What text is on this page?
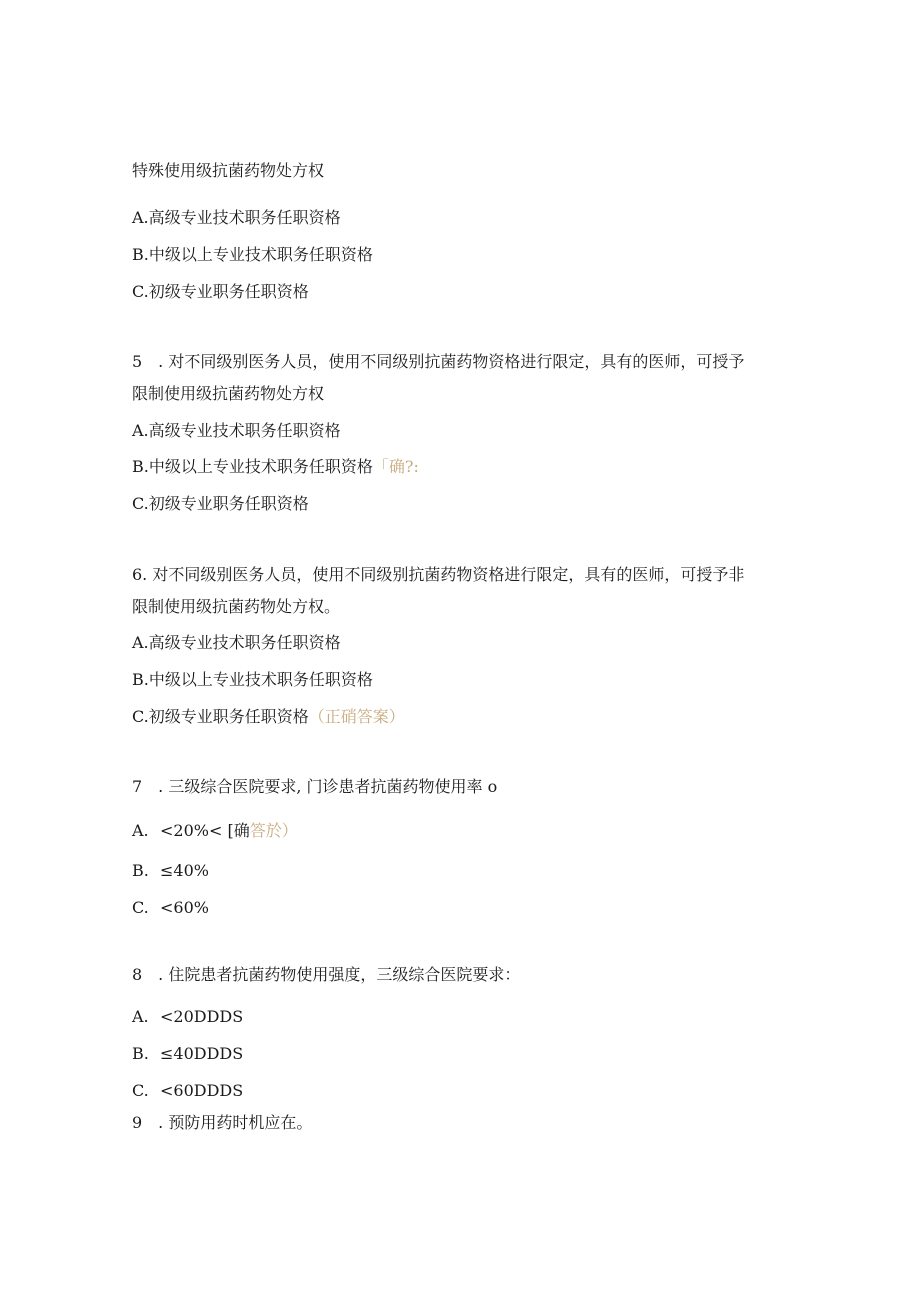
特殊使用级抗菌药物处方权
A.高级专业技术职务任职资格
B.中级以上专业技术职务任职资格
C.初级专业职务任职资格
5　. 对不同级别医务人员，使用不同级别抗菌药物资格进行限定，具有的医师，可授予
限制使用级抗菌药物处方权
A.高级专业技术职务任职资格
B.中级以上专业技术职务任职资格「确?:
C.初级专业职务任职资格
6. 对不同级别医务人员，使用不同级别抗菌药物资格进行限定，具有的医师，可授予非
限制使用级抗菌药物处方权。
A.高级专业技术职务任职资格
B.中级以上专业技术职务任职资格
C.初级专业职务任职资格（正硝答案）
7　. 三级综合医院要求, 门诊患者抗菌药物使用率 o
A. <20%< [确答於）
B. ≤40%
C. <60%
8　. 住院患者抗菌药物使用强度，三级综合医院要求：
A. <20DDDS
B. ≤40DDDS
C. <60DDDS
9　. 预防用药时机应在。
